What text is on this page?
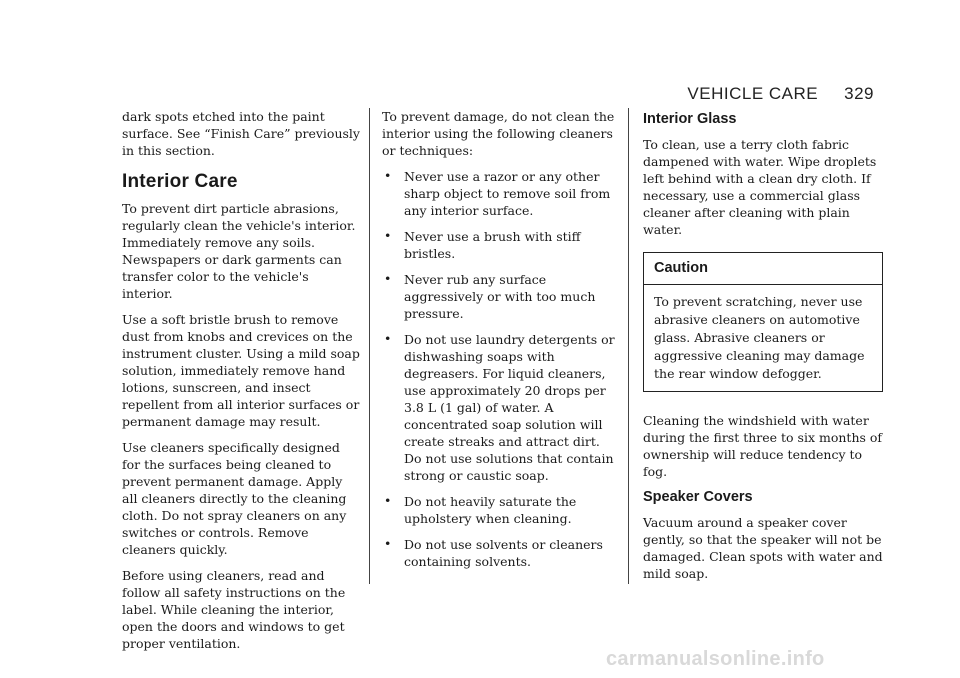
VEHICLE CARE 329

dark spots etched into the paint surface. See “Finish Care” previously in this section.

Interior Care

To prevent dirt particle abrasions, regularly clean the vehicle's interior. Immediately remove any soils. Newspapers or dark garments can transfer color to the vehicle's interior.

Use a soft bristle brush to remove dust from knobs and crevices on the instrument cluster. Using a mild soap solution, immediately remove hand lotions, sunscreen, and insect repellent from all interior surfaces or permanent damage may result.

Use cleaners specifically designed for the surfaces being cleaned to prevent permanent damage. Apply all cleaners directly to the cleaning cloth. Do not spray cleaners on any switches or controls. Remove cleaners quickly.

Before using cleaners, read and follow all safety instructions on the label. While cleaning the interior, open the doors and windows to get proper ventilation.

To prevent damage, do not clean the interior using the following cleaners or techniques:

• Never use a razor or any other sharp object to remove soil from any interior surface.
• Never use a brush with stiff bristles.
• Never rub any surface aggressively or with too much pressure.
• Do not use laundry detergents or dishwashing soaps with degreasers. For liquid cleaners, use approximately 20 drops per 3.8 L (1 gal) of water. A concentrated soap solution will create streaks and attract dirt. Do not use solutions that contain strong or caustic soap.
• Do not heavily saturate the upholstery when cleaning.
• Do not use solvents or cleaners containing solvents.
Interior Glass

To clean, use a terry cloth fabric dampened with water. Wipe droplets left behind with a clean dry cloth. If necessary, use a commercial glass cleaner after cleaning with plain water.

Caution
To prevent scratching, never use abrasive cleaners on automotive glass. Abrasive cleaners or aggressive cleaning may damage the rear window defogger.

Cleaning the windshield with water during the first three to six months of ownership will reduce tendency to fog.

Speaker Covers

Vacuum around a speaker cover gently, so that the speaker will not be damaged. Clean spots with water and mild soap.

carmanualsonline.info
